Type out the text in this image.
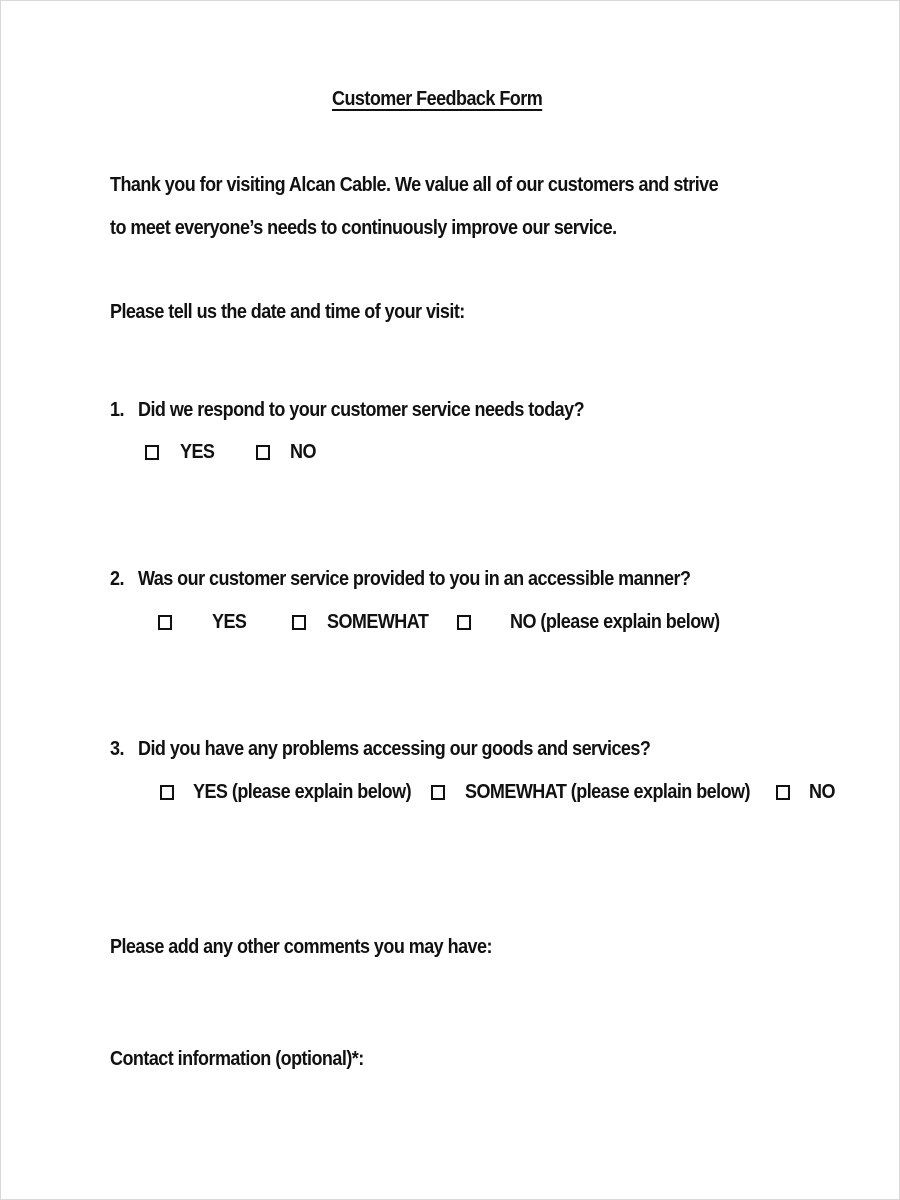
Customer Feedback Form
Thank you for visiting Alcan Cable. We value all of our customers and strive
to meet everyone’s needs to continuously improve our service.
Please tell us the date and time of your visit:
1. Did we respond to your customer service needs today?
YES	NO
2. Was our customer service provided to you in an accessible manner?
YES	SOMEWHAT	NO (please explain below)
3. Did you have any problems accessing our goods and services?
YES (please explain below)	SOMEWHAT (please explain below)	NO
Please add any other comments you may have:
Contact information (optional)*:
